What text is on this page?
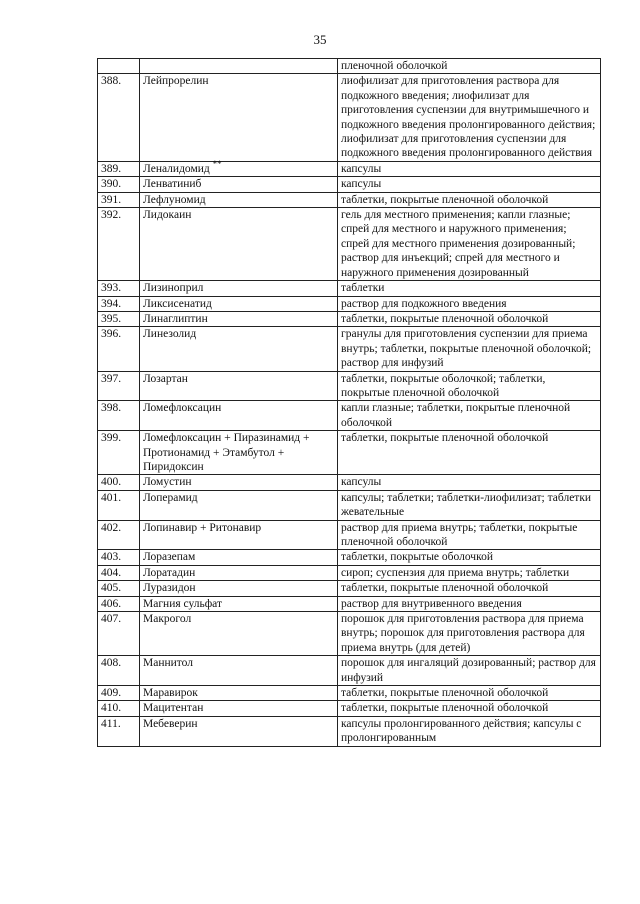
35
		пленочной оболочкой
388.	Лейпрорелин	лиофилизат для приготовления раствора для подкожного введения; лиофилизат для приготовления суспензии для внутримышечного и подкожного введения пролонгированного действия; лиофилизат для приготовления суспензии для подкожного введения пролонгированного действия
389.	Леналидомид **	капсулы
390.	Ленватиниб	капсулы
391.	Лефлуномид	таблетки, покрытые пленочной оболочкой
392.	Лидокаин	гель для местного применения; капли глазные; спрей для местного и наружного применения; спрей для местного применения дозированный; раствор для инъекций; спрей для местного и наружного применения дозированный
393.	Лизиноприл	таблетки
394.	Ликсисенатид	раствор для подкожного введения
395.	Линаглиптин	таблетки, покрытые пленочной оболочкой
396.	Линезолид	гранулы для приготовления суспензии для приема внутрь; таблетки, покрытые пленочной оболочкой; раствор для инфузий
397.	Лозартан	таблетки, покрытые оболочкой; таблетки, покрытые пленочной оболочкой
398.	Ломефлоксацин	капли глазные; таблетки, покрытые пленочной оболочкой
399.	Ломефлоксацин + Пиразинамид + Протионамид + Этамбутол + Пиридоксин	таблетки, покрытые пленочной оболочкой
400.	Ломустин	капсулы
401.	Лоперамид	капсулы; таблетки; таблетки-лиофилизат; таблетки жевательные
402.	Лопинавир + Ритонавир	раствор для приема внутрь; таблетки, покрытые пленочной оболочкой
403.	Лоразепам	таблетки, покрытые оболочкой
404.	Лоратадин	сироп; суспензия для приема внутрь; таблетки
405.	Луразидон	таблетки, покрытые пленочной оболочкой
406.	Магния сульфат	раствор для внутривенного введения
407.	Макрогол	порошок для приготовления раствора для приема внутрь; порошок для приготовления раствора для приема внутрь (для детей)
408.	Маннитол	порошок для ингаляций дозированный; раствор для инфузий
409.	Маравирок	таблетки, покрытые пленочной оболочкой
410.	Мацитентан	таблетки, покрытые пленочной оболочкой
411.	Мебеверин	капсулы пролонгированного действия; капсулы с пролонгированным
